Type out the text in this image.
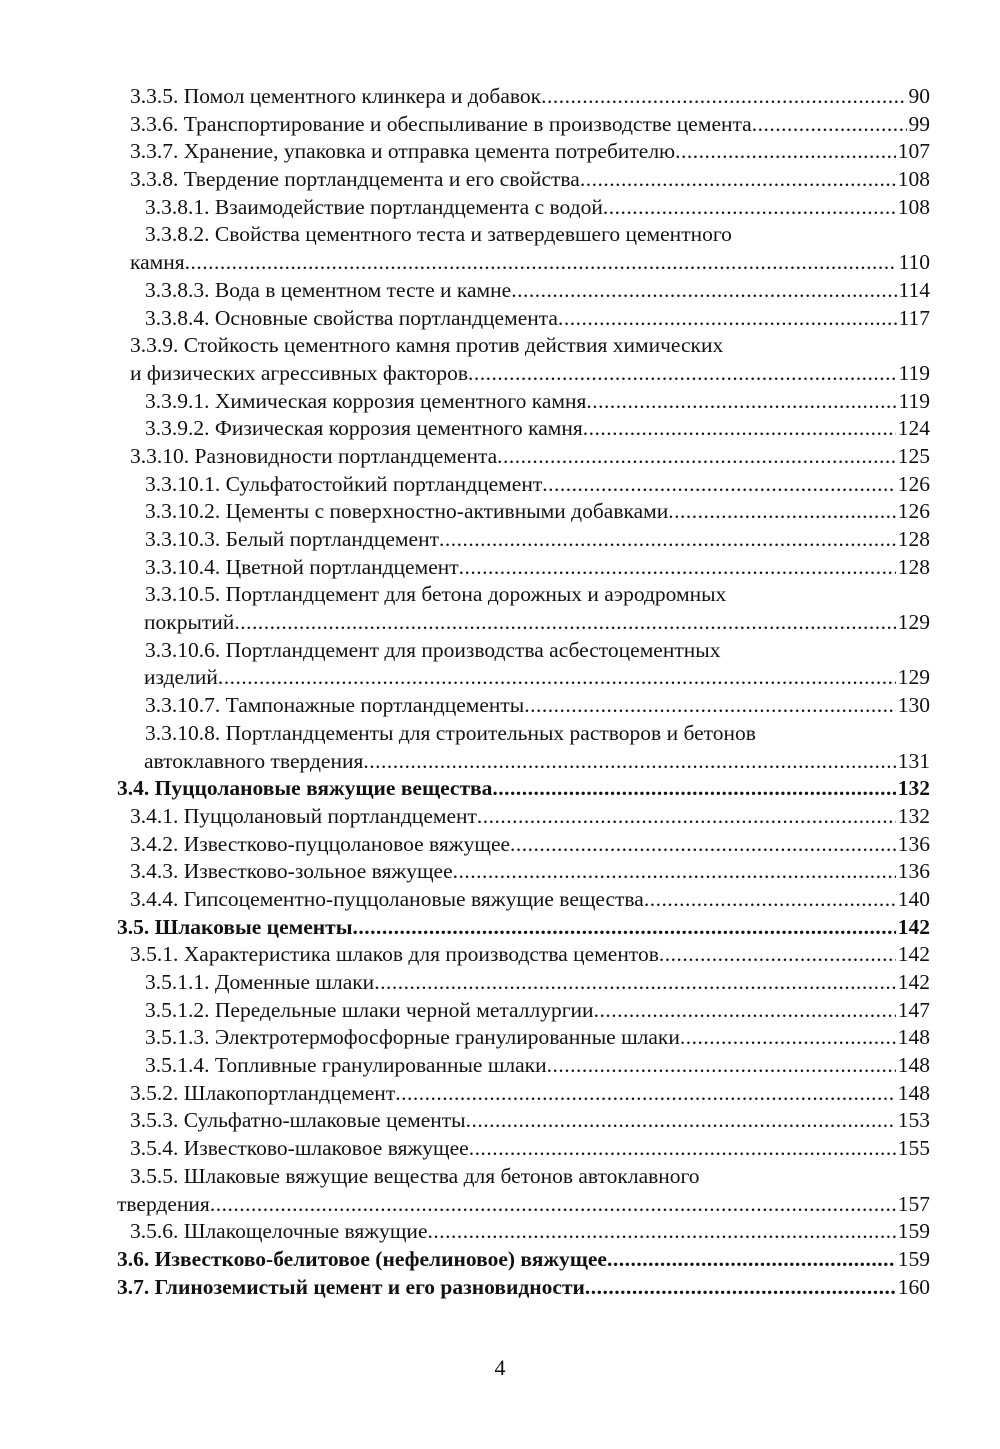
3.3.5. Помол цементного клинкера и добавок .....	90
3.3.6. Транспортирование и обеспыливание в производстве цемента .....	99
3.3.7. Хранение, упаковка и отправка цемента потребителю .....	107
3.3.8. Твердение портландцемента и его свойства .....	108
3.3.8.1. Взаимодействие портландцемента с водой .....	108
3.3.8.2. Свойства цементного теста и затвердевшего цементного
камня .....	110
3.3.8.3. Вода в цементном тесте и камне .....	114
3.3.8.4. Основные свойства портландцемента .....	117
3.3.9. Стойкость цементного камня против действия химических
и физических агрессивных факторов .....	119
3.3.9.1. Химическая коррозия цементного камня .....	119
3.3.9.2. Физическая коррозия цементного камня .....	124
3.3.10. Разновидности портландцемента .....	125
3.3.10.1. Сульфатостойкий портландцемент .....	126
3.3.10.2. Цементы с поверхностно-активными добавками .....	126
3.3.10.3. Белый портландцемент .....	128
3.3.10.4. Цветной портландцемент .....	128
3.3.10.5. Портландцемент для бетона дорожных и аэродромных
покрытий .....	129
3.3.10.6. Портландцемент для производства асбестоцементных
изделий .....	129
3.3.10.7. Тампонажные портландцементы .....	130
3.3.10.8. Портландцементы для строительных растворов и бетонов
автоклавного твердения .....	131
3.4. Пуццолановые вяжущие вещества .....	132
3.4.1. Пуццолановый портландцемент .....	132
3.4.2. Известково-пуццолановое вяжущее .....	136
3.4.3. Известково-зольное вяжущее .....	136
3.4.4. Гипсоцементно-пуццолановые вяжущие вещества .....	140
3.5. Шлаковые цементы .....	142
3.5.1. Характеристика шлаков для производства цементов .....	142
3.5.1.1. Доменные шлаки .....	142
3.5.1.2. Передельные шлаки черной металлургии .....	147
3.5.1.3. Электротермофосфорные гранулированные шлаки .....	148
3.5.1.4. Топливные гранулированные шлаки .....	148
3.5.2. Шлакопортландцемент .....	148
3.5.3. Сульфатно-шлаковые цементы .....	153
3.5.4. Известково-шлаковое вяжущее .....	155
3.5.5. Шлаковые вяжущие вещества для бетонов автоклавного
твердения .....	157
3.5.6. Шлакощелочные вяжущие .....	159
3.6. Известково-белитовое (нефелиновое) вяжущее .....	159
3.7. Глиноземистый цемент и его разновидности .....	160
4
